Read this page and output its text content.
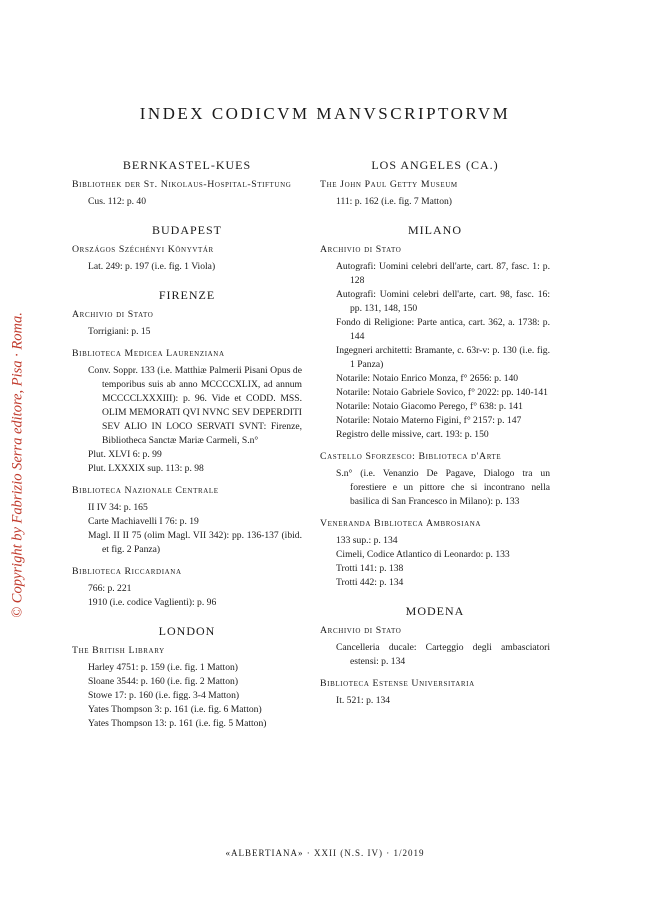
© Copyright by Fabrizio Serra editore, Pisa · Roma.
INDEX CODICVM MANVSCRIPTORVM
BERNKASTEL-KUES
Bibliothek der St. Nikolaus-Hospital-Stiftung

Cus. 112: p. 40

BUDAPEST
Országos Széchényi Könyvtár

Lat. 249: p. 197 (i.e. fig. 1 Viola)

FIRENZE
Archivio di Stato

Torrigiani: p. 15

Biblioteca Medicea Laurenziana

Conv. Soppr. 133 (i.e. Matthiæ Palmerii Pisani Opus de temporibus suis ab anno MCCCCXLIX, ad annum MCCCCLXXXIII): p. 96. Vide et CODD. MSS. OLIM MEMORATI QVI NVNC SEV DEPERDITI SEV ALIO IN LOCO SERVATI SVNT: Firenze, Bibliotheca Sanctæ Mariæ Carmeli, S.n°

Plut. XLVI 6: p. 99

Plut. LXXXIX sup. 113: p. 98

Biblioteca Nazionale Centrale

II IV 34: p. 165

Carte Machiavelli I 76: p. 19

Magl. II II 75 (olim Magl. VII 342): pp. 136-137 (ibid. et fig. 2 Panza)

Biblioteca Riccardiana

766: p. 221

1910 (i.e. codice Vaglienti): p. 96

LONDON
The British Library

Harley 4751: p. 159 (i.e. fig. 1 Matton)

Sloane 3544: p. 160 (i.e. fig. 2 Matton)

Stowe 17: p. 160 (i.e. figg. 3-4 Matton)

Yates Thompson 3: p. 161 (i.e. fig. 6 Matton)

Yates Thompson 13: p. 161 (i.e. fig. 5 Matton)

LOS ANGELES (CA.)
The John Paul Getty Museum

111: p. 162 (i.e. fig. 7 Matton)

MILANO
Archivio di Stato

Autografi: Uomini celebri dell'arte, cart. 87, fasc. 1: p. 128

Autografi: Uomini celebri dell'arte, cart. 98, fasc. 16: pp. 131, 148, 150

Fondo di Religione: Parte antica, cart. 362, a. 1738: p. 144

Ingegneri architetti: Bramante, c. 63r-v: p. 130 (i.e. fig. 1 Panza)

Notarile: Notaio Enrico Monza, f° 2656: p. 140

Notarile: Notaio Gabriele Sovico, f° 2022: pp. 140-141

Notarile: Notaio Giacomo Perego, f° 638: p. 141

Notarile: Notaio Materno Figini, f° 2157: p. 147

Registro delle missive, cart. 193: p. 150

Castello Sforzesco: Biblioteca d'Arte

S.n° (i.e. Venanzio De Pagave, Dialogo tra un forestiere e un pittore che si incontrano nella basilica di San Francesco in Milano): p. 133

Veneranda Biblioteca Ambrosiana

133 sup.: p. 134

Cimeli, Codice Atlantico di Leonardo: p. 133

Trotti 141: p. 138

Trotti 442: p. 134

MODENA
Archivio di Stato

Cancelleria ducale: Carteggio degli ambasciatori estensi: p. 134

Biblioteca Estense Universitaria

It. 521: p. 134

«ALBERTIANA» · XXII (N.S. IV) · 1/2019
